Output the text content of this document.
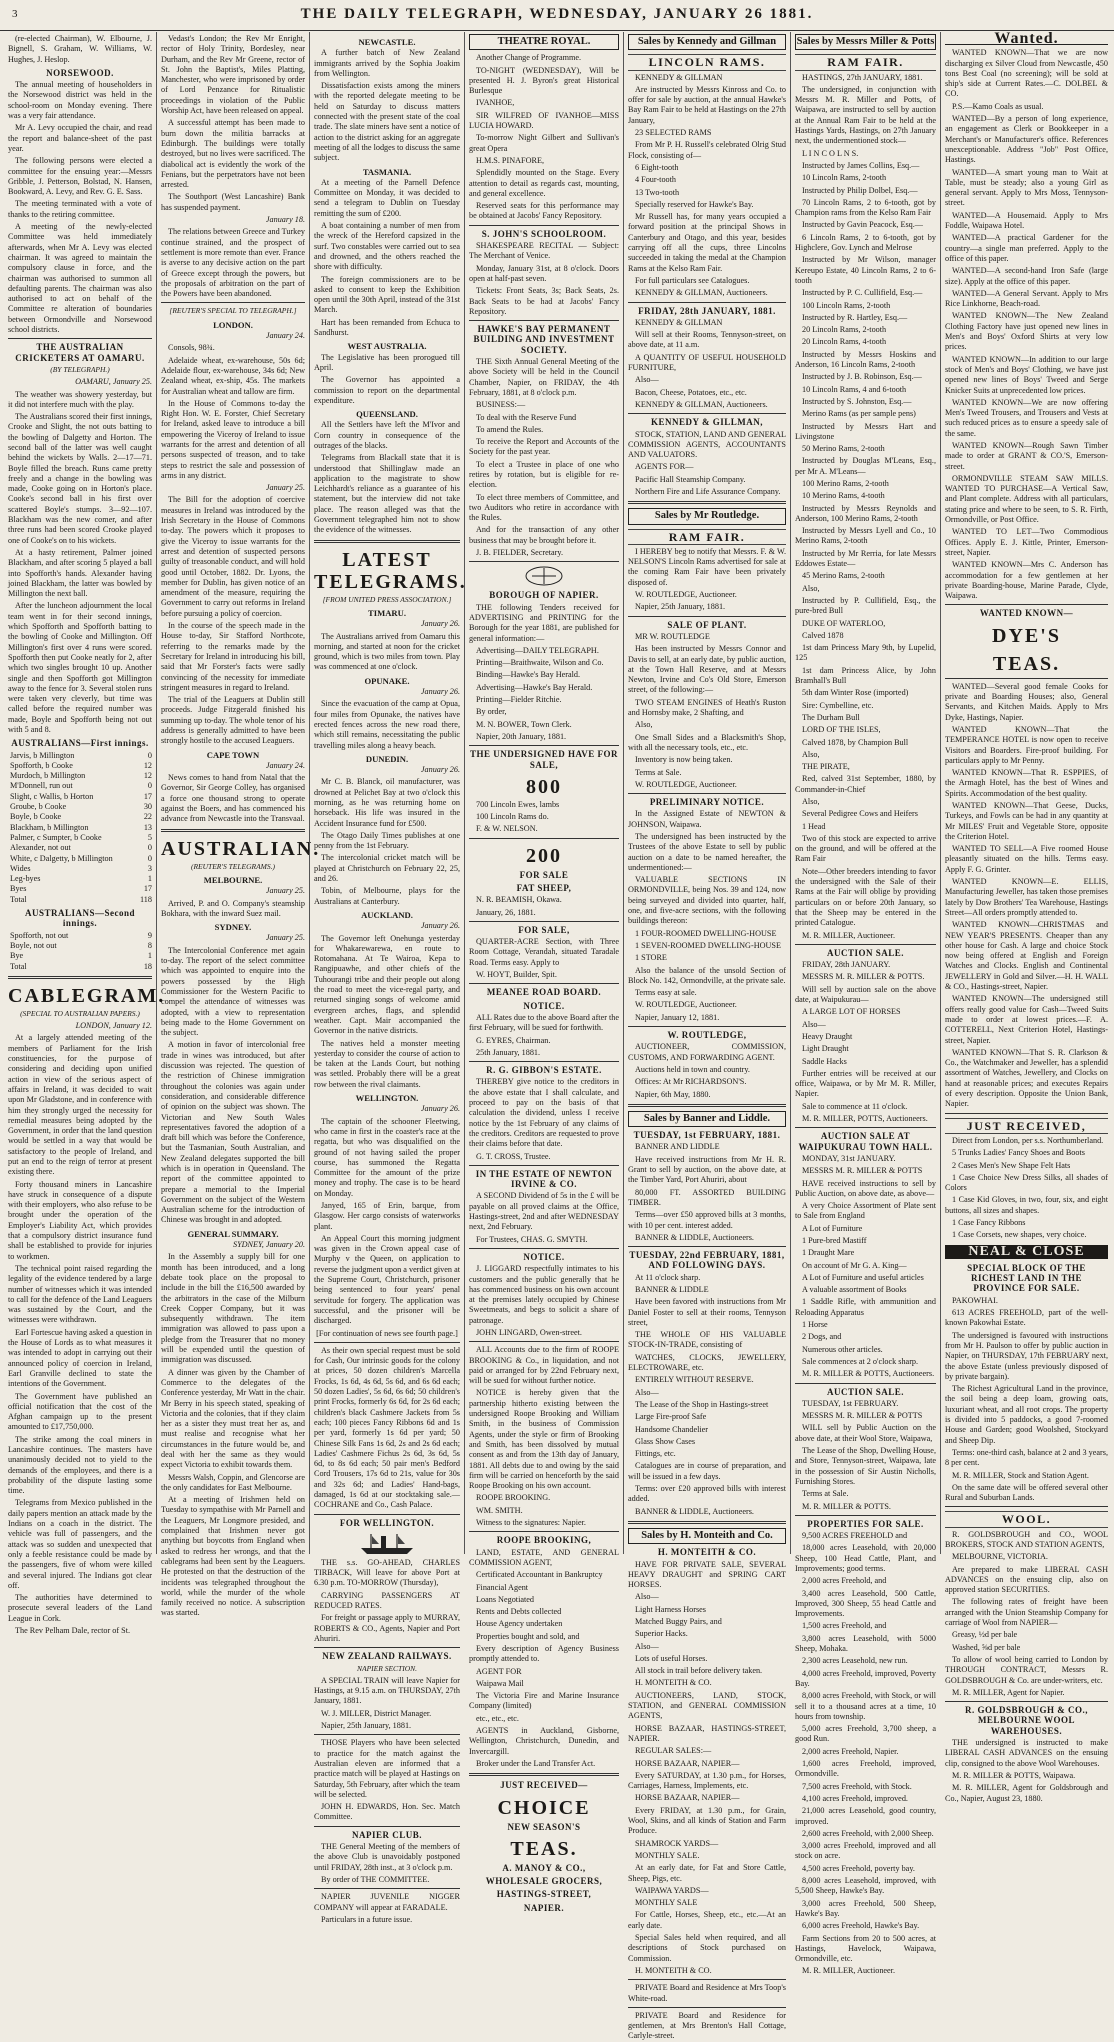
3	THE DAILY TELEGRAPH, WEDNESDAY, JANUARY 26 1881.

(re-elected Chairman), W. Elbourne, J. Bignell, S. Graham, W. Williams, W. Hughes, J. Heslop.

NORSEWOOD.

The annual meeting of householders in the Norsewood district was held in the school-room on Monday evening. There was a very fair attendance.

Mr A. Levy occupied the chair, and read the report and balance-sheet of the past year.

The following persons were elected a committee for the ensuing year:—Messrs Gribble, J. Petterson, Bolstad, N. Hansen, Bookward, A. Levy, and Rev. G. E. Sass.

The meeting terminated with a vote of thanks to the retiring committee.

A meeting of the newly-elected Committee was held immediately afterwards, when Mr A. Levy was elected chairman. It was agreed to maintain the compulsory clause in force, and the chairman was authorised to summon all defaulting parents. The chairman was also authorised to act on behalf of the Committee re alteration of boundaries between Ormondville and Norsewood school districts.

THE AUSTRALIAN CRICKETERS AT OAMARU.

(BY TELEGRAPH.)

OAMARU, January 25.

The weather was showery yesterday, but it did not interfere much with the play.

The Australians scored their first innings, Crooke and Slight, the not outs batting to the bowling of Dalgetty and Horton. The second ball of the latter was well caught behind the wickets by Walls. 2—17—71. Boyle filled the breach. Runs came pretty freely and a change in the bowling was made, Cooke going on in Horton's place. Cooke's second ball in his first over scattered Boyle's stumps. 3—92—107. Blackham was the new comer, and after three runs had been scored Crooke played one of Cooke's on to his wickets.

At a hasty retirement, Palmer joined Blackham, and after scoring 5 played a ball into Spofforth's hands. Alexander having joined Blackham, the latter was bowled by Millington the next ball.

After the luncheon adjournment the local team went in for their second innings, which Spofforth and Spofforth batting to the bowling of Cooke and Millington. Off Millington's first over 4 runs were scored. Spofforth then put Cooke neatly for 2, after which two singles brought 10 up. Another single and then Spofforth got Millington away to the fence for 3. Several stolen runs were taken very cleverly, but time was called before the required number was made, Boyle and Spofforth being not out with 5 and 8.

AUSTRALIANS—First innings.

Jarvis, b Millington	0
Spofforth, b Cooke	12
Murdoch, b Millington	12
M'Donnell, run out	0
Slight, c Wallis, b Horton	17
Groube, b Cooke	30
Boyle, b Cooke	22
Blackham, b Millington	13
Palmer, c Sumpter, b Cooke	5
Alexander, not out	0
White, c Dalgetty, b Millington	0
Wides	3
Leg-byes	1
Byes	17
Total	118

AUSTRALIANS—Second innings.

Spofforth, not out	9
Boyle, not out	8
Bye	1
Total	18

CABLEGRAM.

(SPECIAL TO AUSTRALIAN PAPERS.)

LONDON, January 12.

At a largely attended meeting of the members of Parliament for the Irish constituencies, for the purpose of considering and deciding upon unified action in view of the serious aspect of affairs in Ireland, it was decided to wait upon Mr Gladstone, and in conference with him they strongly urged the necessity for remedial measures being adopted by the Government, in order that the land question would be settled in a way that would be satisfactory to the people of Ireland, and put an end to the reign of terror at present existing there.

Forty thousand miners in Lancashire have struck in consequence of a dispute with their employers, who also refuse to be brought under the operation of the Employer's Liability Act, which provides that a compulsory district insurance fund shall be established to provide for injuries to workmen.

The technical point raised regarding the legality of the evidence tendered by a large number of witnesses which it was intended to call for the defence of the Land Leaguers was sustained by the Court, and the witnesses were withdrawn.

Earl Fortescue having asked a question in the House of Lords as to what measures it was intended to adopt in carrying out their announced policy of coercion in Ireland, Earl Granville declined to state the intentions of the Government.

The Government have published an official notification that the cost of the Afghan campaign up to the present amounted to £17,750,000.

The strike among the coal miners in Lancashire continues. The masters have unanimously decided not to yield to the demands of the employees, and there is a probability of the dispute lasting some time.

Telegrams from Mexico published in the daily papers mention an attack made by the Indians on a coach in the district. The vehicle was full of passengers, and the attack was so sudden and unexpected that only a feeble resistance could be made by the passengers, five of whom were killed and several injured. The Indians got clear off.

The authorities have determined to prosecute several leaders of the Land League in Cork.

The Rev Pelham Dale, rector of St.

Vedast's London; the Rev Mr Enright, rector of Holy Trinity, Bordesley, near Durham, and the Rev Mr Greene, rector of St. John the Baptist's, Miles Platting, Manchester, who were imprisoned by order of Lord Penzance for Ritualistic proceedings in violation of the Public Worship Act, have been released on appeal.

A successful attempt has been made to burn down the militia barracks at Edinburgh. The buildings were totally destroyed, but no lives were sacrificed. The diabolical act is evidently the work of the Fenians, but the perpetrators have not been arrested.

The Southport (West Lancashire) Bank has suspended payment.

January 18.

The relations between Greece and Turkey continue strained, and the prospect of settlement is more remote than ever. France is averse to any decisive action on the part of Greece except through the powers, but the proposals of arbitration on the part of the Powers have been abandoned.

[REUTER'S SPECIAL TO TELEGRAPH.]

LONDON.

January 24.

Consols, 98¾.

Adelaide wheat, ex-warehouse, 50s 6d; Adelaide flour, ex-warehouse, 34s 6d; New Zealand wheat, ex-ship, 45s. The markets for Australian wheat and tallow are firm.

In the House of Commons to-day the Right Hon. W. E. Forster, Chief Secretary for Ireland, asked leave to introduce a bill empowering the Viceroy of Ireland to issue warrants for the arrest and detention of all persons suspected of treason, and to take steps to restrict the sale and possession of arms in any district.

January 25.

The Bill for the adoption of coercive measures in Ireland was introduced by the Irish Secretary in the House of Commons to-day. The powers which it proposes to give the Viceroy to issue warrants for the arrest and detention of suspected persons guilty of treasonable conduct, and will hold good until October, 1882. Dr. Lyons, the member for Dublin, has given notice of an amendment of the measure, requiring the Government to carry out reforms in Ireland before pursuing a policy of coercion.

In the course of the speech made in the House to-day, Sir Stafford Northcote, referring to the remarks made by the Secretary for Ireland in introducing his bill, said that Mr Forster's facts were sadly convincing of the necessity for immediate stringent measures in regard to Ireland.

The trial of the Leaguers at Dublin still proceeds. Judge Fitzgerald finished his summing up to-day. The whole tenor of his address is generally admitted to have been strongly hostile to the accused Leaguers.

CAPE TOWN

January 24.

News comes to hand from Natal that the Governor, Sir George Colley, has organised a force one thousand strong to operate against the Boers, and has commenced his advance from Newcastle into the Transvaal.

AUSTRALIAN.

(REUTER'S TELEGRAMS.)

MELBOURNE.

January 25.

Arrived, P. and O. Company's steamship Bokhara, with the inward Suez mail.

SYDNEY.

January 25.

The Intercolonial Conference met again to-day. The report of the select committee which was appointed to enquire into the powers possessed by the High Commissioner for the Western Pacific to compel the attendance of witnesses was adopted, with a view to representation being made to the Home Government on the subject.

A motion in favor of intercolonial free trade in wines was introduced, but after discussion was rejected. The question of the restriction of Chinese immigration throughout the colonies was again under consideration, and considerable difference of opinion on the subject was shown. The Victorian and New South Wales representatives favored the adoption of a draft bill which was before the Conference, but the Tasmanian, South Australian, and New Zealand delegates supported the bill which is in operation in Queensland. The report of the committee appointed to prepare a memorial to the Imperial Government on the subject of the Western Australian scheme for the introduction of Chinese was brought in and adopted.

GENERAL SUMMARY.

SYDNEY, January 20.

In the Assembly a supply bill for one month has been introduced, and a long debate took place on the proposal to include in the bill the £16,500 awarded by the arbitrators in the case of the Milburn Creek Copper Company, but it was subsequently withdrawn. The item immigration was allowed to pass upon a pledge from the Treasurer that no money will be expended until the question of immigration was discussed.

A dinner was given by the Chamber of Commerce to the delegates of the Conference yesterday, Mr Watt in the chair. Mr Berry in his speech stated, speaking of Victoria and the colonies, that if they claim her as a sister they must treat her as, and must realise and recognise what her circumstances in the future would be, and deal with her the same as they would expect Victoria to exhibit towards them.

Messrs Walsh, Coppin, and Glencorse are the only candidates for East Melbourne.

At a meeting of Irishmen held on Tuesday to sympathise with Mr Parnell and the Leaguers, Mr Longmore presided, and complained that Irishmen never got anything but boycotts from England when asked to redress her wrongs, and that the cablegrams had been sent by the Leaguers. He protested on that the destruction of the incidents was telegraphed throughout the world, while the murder of the whole family received no notice. A subscription was started.

NEWCASTLE.

A further batch of New Zealand immigrants arrived by the Sophia Joakim from Wellington.

Dissatisfaction exists among the miners with the reported delegate meeting to be held on Saturday to discuss matters connected with the present state of the coal trade. The slate miners have sent a notice of action to the district asking for an aggregate meeting of all the lodges to discuss the same subject.

TASMANIA.

At a meeting of the Parnell Defence Committee on Monday, it was decided to send a telegram to Dublin on Tuesday remitting the sum of £200.

A boat containing a number of men from the wreck of the Hereford capsized in the surf. Two constables were carried out to sea and drowned, and the others reached the shore with difficulty.

The foreign commissioners are to be asked to consent to keep the Exhibition open until the 30th April, instead of the 31st March.

Hart has been remanded from Echuca to Sandhurst.

WEST AUSTRALIA.

The Legislative has been prorogued till April.

The Governor has appointed a commission to report on the departmental expenditure.

QUEENSLAND.

All the Settlers have left the M'Ivor and Corn country in consequence of the outrages of the blacks.

Telegrams from Blackall state that it is understood that Shillinglaw made an application to the magistrate to show Leichhardt's reliance as a guarantee of his statement, but the interview did not take place. The reason alleged was that the Government telegraphed him not to show the evidence of the witnesses.

LATEST TELEGRAMS.

[FROM UNITED PRESS ASSOCIATION.]

TIMARU.

January 26.

The Australians arrived from Oamaru this morning, and started at noon for the cricket ground, which is two miles from town. Play was commenced at one o'clock.

OPUNAKE.

January 26.

Since the evacuation of the camp at Opua, four miles from Opunake, the natives have erected fences across the new road there, which still remains, necessitating the public travelling miles along a heavy beach.

DUNEDIN.

January 26.

Mr C. B. Blanck, oil manufacturer, was drowned at Pelichet Bay at two o'clock this morning, as he was returning home on horseback. His life was insured in the Accident Insurance fund for £500.

The Otago Daily Times publishes at one penny from the 1st February.

The intercolonial cricket match will be played at Christchurch on February 22, 25, and 26.

Tobin, of Melbourne, plays for the Australians at Canterbury.

AUCKLAND.

January 26.

The Governor left Onehunga yesterday for Whakarewarewa, en route to Rotomahana. At Te Wairoa, Kepa to Rangipuawhe, and other chiefs of the Tuhourangi tribe and their people out along the road to meet the vice-regal party, and returned singing songs of welcome amid evergreen arches, flags, and splendid weather. Capt. Mair accompanied the Governor in the native districts.

The natives held a monster meeting yesterday to consider the course of action to be taken at the Lands Court, but nothing was settled. Probably there will be a great row between the rival claimants.

WELLINGTON.

January 26.

The captain of the schooner Fleetwing, who came in first in the coaster's race at the regatta, but who was disqualified on the ground of not having sailed the proper course, has summoned the Regatta Committee for the amount of the prize money and trophy. The case is to be heard on Monday.

Janyed, 165 of Erin, barque, from Glasgow. Her cargo consists of waterworks plant.

An Appeal Court this morning judgment was given in the Crown appeal case of Murphy v the Queen, on application to reverse the judgment upon a verdict given at the Supreme Court, Christchurch, prisoner being sentenced to four years' penal servitude for forgery. The application was successful, and the prisoner will be discharged.

[For continuation of news see fourth page.]

As their own special request must be sold for Cash, Our intrinsic goods for the colony at prices, 50 dozen children's Marcella Frocks, 1s 6d, 4s 6d, 5s 6d, and 6s 6d each; 50 dozen Ladies', 5s 6d, 6s 6d; 50 children's print Frocks, formerly 6s 6d, for 2s 6d each; children's black Cashmere Jackets from 5s each; 100 pieces Fancy Ribbons 6d and 1s per yard, formerly 1s 6d per yard; 50 Chinese Silk Fans 1s 6d, 2s and 2s 6d each; Ladies' Cashmere Fichus 2s 6d, 3s 6d, 5s 6d, to 8s 6d each; 50 pair men's Bedford Cord Trousers, 17s 6d to 21s, value for 30s and 32s 6d; and Ladies' Hand-bags, damaged, 1s 6d at our stocktaking sale.—COCHRANE and Co., Cash Palace.

FOR WELLINGTON.

THE s.s. GO-AHEAD, CHARLES TIRBACK, Will leave for above Port at 6.30 p.m. TO-MORROW (Thursday),

CARRYING PASSENGERS AT REDUCED RATES.

For freight or passage apply to MURRAY, ROBERTS & CO., Agents, Napier and Port Ahuriri.

NEW ZEALAND RAILWAYS.

NAPIER SECTION.

A SPECIAL TRAIN will leave Napier for Hastings, at 9.15 a.m. on THURSDAY, 27th January, 1881.

W. J. MILLER, District Manager.

Napier, 25th January, 1881.

THOSE Players who have been selected to practice for the match against the Australian eleven are informed that a practice match will be played at Hastings on Saturday, 5th February, after which the team will be selected.

JOHN H. EDWARDS, Hon. Sec. Match Committee.

NAPIER CLUB.

THE General Meeting of the members of the above Club is unavoidably postponed until FRIDAY, 28th inst., at 3 o'clock p.m.

By order of THE COMMITTEE.

NAPIER JUVENILE NIGGER COMPANY will appear at FARADALE.

Particulars in a future issue.

THEATRE ROYAL.

Another Change of Programme.

TO-NIGHT (WEDNESDAY), Will be presented H. J. Byron's great Historical Burlesque

IVANHOE,

SIR WILFRED OF IVANHOE—MISS LUCIA HOWARD.

To-morrow Night Gilbert and Sullivan's great Opera

H.M.S. PINAFORE,

Splendidly mounted on the Stage. Every attention to detail as regards cast, mounting, and general excellence.

Reserved seats for this performance may be obtained at Jacobs' Fancy Repository.

S. JOHN'S SCHOOLROOM.

SHAKESPEARE RECITAL — Subject: The Merchant of Venice.

Monday, January 31st, at 8 o'clock. Doors open at half-past seven.

Tickets: Front Seats, 3s; Back Seats, 2s. Back Seats to be had at Jacobs' Fancy Repository.

HAWKE'S BAY PERMANENT BUILDING AND INVESTMENT SOCIETY.

THE Sixth Annual General Meeting of the above Society will be held in the Council Chamber, Napier, on FRIDAY, the 4th February, 1881, at 8 o'clock p.m.

BUSINESS:—

To deal with the Reserve Fund

To amend the Rules.

To receive the Report and Accounts of the Society for the past year.

To elect a Trustee in place of one who retires by rotation, but is eligible for re-election.

To elect three members of Committee, and two Auditors who retire in accordance with the Rules.

And for the transaction of any other business that may be brought before it.

J. B. FIELDER, Secretary.

BOROUGH OF NAPIER.

THE following Tenders received for ADVERTISING and PRINTING for the Borough for the year 1881, are published for general information:—

Advertising—DAILY TELEGRAPH.

Printing—Braithwaite, Wilson and Co.

Binding—Hawke's Bay Herald.

Advertising—Hawke's Bay Herald.

Printing—Fielder Ritchie.

By order,

M. N. BOWER, Town Clerk.

Napier, 20th January, 1881.

THE UNDERSIGNED HAVE FOR SALE,

800

700 Lincoln Ewes, lambs

100 Lincoln Rams do.

F. & W. NELSON.

200

FOR SALE

FAT SHEEP,

N. R. BEAMISH, Okawa.

January, 26, 1881.

FOR SALE,

QUARTER-ACRE Section, with Three Room Cottage, Verandah, situated Taradale Road. Terms easy. Apply to

W. HOYT, Builder, Spit.

MEANEE ROAD BOARD.

NOTICE.

ALL Rates due to the above Board after the first February, will be sued for forthwith.

G. EYRES, Chairman.

25th January, 1881.

R. G. GIBBON'S ESTATE.

THEREBY give notice to the creditors in the above estate that I shall calculate, and proceed to pay on the basis of that calculation the dividend, unless I receive notice by the 1st February of any claims of the creditors. Creditors are requested to prove their claims before that date.

G. T. CROSS, Trustee.

IN THE ESTATE OF NEWTON IRVINE & CO.

A SECOND Dividend of 5s in the £ will be payable on all proved claims at the Office, Hastings-street, 2nd and after WEDNESDAY next, 2nd February.

For Trustees, CHAS. G. SMYTH.

NOTICE.

J. LIGGARD respectfully intimates to his customers and the public generally that he has commenced business on his own account at the premises lately occupied by Chinese Sweetmeats, and begs to solicit a share of patronage.

JOHN LINGARD, Owen-street.

ALL Accounts due to the firm of ROOPE BROOKING & Co., in liquidation, and not paid or arranged for by 22nd February next, will be sued for without further notice.

NOTICE is hereby given that the partnership hitherto existing between the undersigned Roope Brooking and William Smith, in the business of Commission Agents, under the style or firm of Brooking and Smith, has been dissolved by mutual consent as and from the 13th day of January, 1881. All debts due to and owing by the said firm will be carried on henceforth by the said Roope Brooking on his own account.

ROOPE BROOKING.

WM. SMITH.

Witness to the signatures: Napier.

ROOPE BROOKING,

LAND, ESTATE, AND GENERAL COMMISSION AGENT,

Certificated Accountant in Bankruptcy

Financial Agent

Loans Negotiated

Rents and Debts collected

House Agency undertaken

Properties bought and sold, and

Every description of Agency Business promptly attended to.

AGENT FOR

Waipawa Mail

The Victoria Fire and Marine Insurance Company (limited)

etc., etc., etc.

AGENTS in Auckland, Gisborne, Wellington, Christchurch, Dunedin, and Invercargill.

Broker under the Land Transfer Act.

JUST RECEIVED—

CHOICE

NEW SEASON'S

TEAS.

A. MANOY & CO.,

WHOLESALE GROCERS,

HASTINGS-STREET,

NAPIER.

Sales by Kennedy and Gillman

LINCOLN RAMS.

KENNEDY & GILLMAN

Are instructed by Messrs Kinross and Co. to offer for sale by auction, at the annual Hawke's Bay Ram Fair to be held at Hastings on the 27th January,

23 SELECTED RAMS

From Mr P. H. Russell's celebrated Olrig Stud Flock, consisting of—

6 Eight-tooth

4 Four-tooth

13 Two-tooth

Specially reserved for Hawke's Bay.

Mr Russell has, for many years occupied a forward position at the principal Shows in Canterbury and Otago, and this year, besides carrying off all the cups, three Lincolns succeeded in taking the medal at the Champion Rams at the Kelso Ram Fair.

For full particulars see Catalogues.

KENNEDY & GILLMAN, Auctioneers.

FRIDAY, 28th JANUARY, 1881.

KENNEDY & GILLMAN

Will sell at their Rooms, Tennyson-street, on above date, at 11 a.m.

A QUANTITY OF USEFUL HOUSEHOLD FURNITURE,

Also—

Bacon, Cheese, Potatoes, etc., etc.

KENNEDY & GILLMAN, Auctioneers.

KENNEDY & GILLMAN,

STOCK, STATION, LAND AND GENERAL COMMISSION AGENTS, ACCOUNTANTS AND VALUATORS.

AGENTS FOR—

Pacific Hall Steamship Company.

Northern Fire and Life Assurance Company.

Sales by Mr Routledge.

RAM FAIR.

I HEREBY beg to notify that Messrs. F. & W. NELSON'S Lincoln Rams advertised for sale at the coming Ram Fair have been privately disposed of.

W. ROUTLEDGE, Auctioneer.

Napier, 25th January, 1881.

SALE OF PLANT.

MR W. ROUTLEDGE

Has been instructed by Messrs Connor and Davis to sell, at an early date, by public auction, at the Town Hall Reserve, and at Messrs Newton, Irvine and Co's Old Store, Emerson street, of the following:—

TWO STEAM ENGINES of Heath's Ruston and Hornsby make, 2 Shafting, and

Also,

One Small Sides and a Blacksmith's Shop, with all the necessary tools, etc., etc.

Inventory is now being taken.

Terms at Sale.

W. ROUTLEDGE, Auctioneer.

PRELIMINARY NOTICE.

In the Assigned Estate of NEWTON & JOHNSON, Waipawa.

The undersigned has been instructed by the Trustees of the above Estate to sell by public auction on a date to be named hereafter, the undermentioned:—

VALUABLE SECTIONS IN ORMONDVILLE, being Nos. 39 and 124, now being surveyed and divided into quarter, half, one, and five-acre sections, with the following buildings thereon:

1 FOUR-ROOMED DWELLING-HOUSE

1 SEVEN-ROOMED DWELLING-HOUSE

1 STORE

Also the balance of the unsold Section of Block No. 142, Ormondville, at the private sale.

Terms easy at sale.

W. ROUTLEDGE, Auctioneer.

Napier, January 12, 1881.

W. ROUTLEDGE,

AUCTIONEER, COMMISSION, CUSTOMS, AND FORWARDING AGENT.

Auctions held in town and country.

Offices: At Mr RICHARDSON'S.

Napier, 6th May, 1880.

Sales by Banner and Liddle.

TUESDAY, 1st FEBRUARY, 1881.

BANNER AND LIDDLE

Have received instructions from Mr H. R. Grant to sell by auction, on the above date, at the Timber Yard, Port Ahuriri, about

80,000 FT. ASSORTED BUILDING TIMBER.

Terms—over £50 approved bills at 3 months, with 10 per cent. interest added.

BANNER & LIDDLE, Auctioneers.

TUESDAY, 22nd FEBRUARY, 1881, AND FOLLOWING DAYS.

At 11 o'clock sharp.

BANNER & LIDDLE

Have been favored with instructions from Mr Daniel Foster to sell at their rooms, Tennyson street,

THE WHOLE OF HIS VALUABLE STOCK-IN-TRADE, consisting of

WATCHES, CLOCKS, JEWELLERY, ELECTROWARE, etc.

ENTIRELY WITHOUT RESERVE.

Also—

The Lease of the Shop in Hastings-street

Large Fire-proof Safe

Handsome Chandelier

Glass Show Cases

Fittings, etc.

Catalogues are in course of preparation, and will be issued in a few days.

Terms: over £20 approved bills with interest added.

BANNER & LIDDLE, Auctioneers.

Sales by H. Monteith and Co.

H. MONTEITH & CO.

HAVE FOR PRIVATE SALE, SEVERAL HEAVY DRAUGHT and SPRING CART HORSES.

Also—

Light Harness Horses

Matched Buggy Pairs, and

Superior Hacks.

Also—

Lots of useful Horses.

All stock in trail before delivery taken.

H. MONTEITH & CO.

AUCTIONEERS, LAND, STOCK, STATION, and GENERAL COMMISSION AGENTS,

HORSE BAZAAR, HASTINGS-STREET, NAPIER.

REGULAR SALES:—

HORSE BAZAAR, NAPIER—

Every SATURDAY, at 1.30 p.m., for Horses, Carriages, Harness, Implements, etc.

HORSE BAZAAR, NAPIER—

Every FRIDAY, at 1.30 p.m., for Grain, Wool, Skins, and all kinds of Station and Farm Produce.

SHAMROCK YARDS—

MONTHLY SALE.

At an early date, for Fat and Store Cattle, Sheep, Pigs, etc.

WAIPAWA YARDS—

MONTHLY SALE

For Cattle, Horses, Sheep, etc., etc.—At an early date.

Special Sales held when required, and all descriptions of Stock purchased on Commission.

H. MONTEITH & CO.

PRIVATE Board and Residence at Mrs Toop's White-road.

PRIVATE Board and Residence for gentlemen, at Mrs Brenton's Hall Cottage, Carlyle-street.

Sales by Messrs Miller & Potts

RAM FAIR.

HASTINGS, 27th JANUARY, 1881.

The undersigned, in conjunction with Messrs M. R. Miller and Potts, of Waipawa, are instructed to sell by auction at the Annual Ram Fair to be held at the Hastings Yards, Hastings, on 27th January next, the undermentioned stock—

L I N C O L N S.

Instructed by James Collins, Esq.—

10 Lincoln Rams, 2-tooth

Instructed by Philip Dolbel, Esq.—

70 Lincoln Rams, 2 to 6-tooth, got by Champion rams from the Kelso Ram Fair

Instructed by Gavin Peacock, Esq.—

6 Lincoln Rams, 2 to 6-tooth, got by Highclere, Gov. Lynch and Melrose

Instructed by Mr Wilson, manager Kereupo Estate, 40 Lincoln Rams, 2 to 6-tooth

Instructed by P. C. Cullifield, Esq.—

100 Lincoln Rams, 2-tooth

Instructed by R. Hartley, Esq.—

20 Lincoln Rams, 2-tooth

20 Lincoln Rams, 4-tooth

Instructed by Messrs Hoskins and Anderson, 16 Lincoln Rams, 2-tooth

Instructed by J. B. Robinson, Esq.—

10 Lincoln Rams, 4 and 6-tooth

Instructed by S. Johnston, Esq.—

Merino Rams (as per sample pens)

Instructed by Messrs Hart and Livingstone

50 Merino Rams, 2-tooth

Instructed by Douglas M'Leans, Esq., per Mr A. M'Leans—

100 Merino Rams, 2-tooth

10 Merino Rams, 4-tooth

Instructed by Messrs Reynolds and Anderson, 100 Merino Rams, 2-tooth

Instructed by Messrs Lyell and Co., 10 Merino Rams, 2-tooth

Instructed by Mr Rerria, for late Messrs Eddowes Estate—

45 Merino Rams, 2-tooth

Also,

Instructed by P. Cullifield, Esq., the pure-bred Bull

DUKE OF WATERLOO,

Calved 1878

1st dam Princess Mary 9th, by Lupelid, 125

1st dam Princess Alice, by John Bramhall's Bull

5th dam Winter Rose (imported)

Sire: Cymbelline, etc.

The Durham Bull

LORD OF THE ISLES,

Calved 1878, by Champion Bull

Also,

THE PIRATE,

Red, calved 31st September, 1880, by Commander-in-Chief

Also,

Several Pedigree Cows and Heifers

1 Head

Two of this stock are expected to arrive on the ground, and will be offered at the Ram Fair

Note—Other breeders intending to favor the undersigned with the Sale of their Rams at the Fair will oblige by providing particulars on or before 20th January, so that the Sheep may be entered in the printed Catalogue.

M. R. MILLER, Auctioneer.

AUCTION SALE.

FRIDAY, 28th JANUARY.

MESSRS M. R. MILLER & POTTS.

Will sell by auction sale on the above date, at Waipukurau—

A LARGE LOT OF HORSES

Also—

Heavy Draught

Light Draught

Saddle Hacks

Further entries will be received at our office, Waipawa, or by Mr M. R. Miller, Napier.

Sale to commence at 11 o'clock.

M. R. MILLER, POTTS, Auctioneers.

AUCTION SALE AT WAIPUKURAU TOWN HALL.

MONDAY, 31st JANUARY.

MESSRS M. R. MILLER & POTTS

HAVE received instructions to sell by Public Auction, on above date, as above—

A very Choice Assortment of Plate sent to Sale from England

A Lot of Furniture

1 Pure-bred Mastiff

1 Draught Mare

On account of Mr G. A. King—

A Lot of Furniture and useful articles

A valuable assortment of Books

1 Saddle Rifle, with ammunition and Reloading Apparatus

1 Horse

2 Dogs, and

Numerous other articles.

Sale commences at 2 o'clock sharp.

M. R. MILLER & POTTS, Auctioneers.

AUCTION SALE.

TUESDAY, 1st FEBRUARY.

MESSRS M. R. MILLER & POTTS

WILL sell by Public Auction on the above date, at their Wool Store, Waipawa,

The Lease of the Shop, Dwelling House, and Store, Tennyson-street, Waipawa, late in the possession of Sir Austin Nicholls, Furnishing Stores.

Terms at Sale.

M. R. MILLER & POTTS.

PROPERTIES FOR SALE.

9,500 ACRES FREEHOLD and

18,000 acres Leasehold, with 20,000 Sheep, 100 Head Cattle, Plant, and Improvements; good terms.

2,000 acres Freehold, and

3,400 acres Leasehold, 500 Cattle, Improved, 300 Sheep, 55 head Cattle and Improvements.

1,500 acres Freehold, and

3,800 acres Leasehold, with 5000 Sheep, Mohaka.

2,300 acres Leasehold, new run.

4,000 acres Freehold, improved, Poverty Bay.

8,000 acres Freehold, with Stock, or will sell it to a thousand acres at a time, 10 hours from township.

5,000 acres Freehold, 3,700 sheep, a good Run.

2,000 acres Freehold, Napier.

1,600 acres Freehold, improved, Ormondville.

7,500 acres Freehold, with Stock.

4,100 acres Freehold, improved.

21,000 acres Leasehold, good country, improved.

2,600 acres Freehold, with 2,000 Sheep.

3,000 acres Freehold, improved and all stock on acre.

4,500 acres Freehold, poverty bay.

8,000 acres Leasehold, improved, with 5,500 Sheep, Hawke's Bay.

3,000 acres Freehold, 500 Sheep, Hawke's Bay.

6,000 acres Freehold, Hawke's Bay.

Farm Sections from 20 to 500 acres, at Hastings, Havelock, Waipawa, Ormondville, etc.

M. R. MILLER, Auctioneer.

Wanted.

WANTED KNOWN—That we are now discharging ex Silver Cloud from Newcastle, 450 tons Best Coal (no screening); will be sold at ship's side at Current Rates.—C. DOLBEL & CO.

P.S.—Kamo Coals as usual.

WANTED—By a person of long experience, an engagement as Clerk or Bookkeeper in a Merchant's or Manufacturer's office. References unexceptionable. Address "Job" Post Office, Hastings.

WANTED—A smart young man to Wait at Table, must be steady; also a young Girl as general servant. Apply to Mrs Moss, Tennyson-street.

WANTED—A Housemaid. Apply to Mrs Foddle, Waipawa Hotel.

WANTED—A practical Gardener for the country—a single man preferred. Apply to the office of this paper.

WANTED—A second-hand Iron Safe (large size). Apply at the office of this paper.

WANTED—A General Servant. Apply to Mrs Rice Linkhorne, Beach-road.

WANTED KNOWN—The New Zealand Clothing Factory have just opened new lines in Men's and Boys' Oxford Shirts at very low prices.

WANTED KNOWN—In addition to our large stock of Men's and Boys' Clothing, we have just opened new lines of Boys' Tweed and Serge Knicker Suits at unprecedented low prices.

WANTED KNOWN—We are now offering Men's Tweed Trousers, and Trousers and Vests at such reduced prices as to ensure a speedy sale of the same.

WANTED KNOWN—Rough Sawn Timber made to order at GRANT & CO.'S, Emerson-street.

ORMONDVILLE STEAM SAW MILLS. WANTED TO PURCHASE—A Vertical Saw, and Plant complete. Address with all particulars, stating price and where to be seen, to S. R. Firth, Ormondville, or Post Office.

WANTED TO LET—Two Commodious Offices. Apply E. J. Kittle, Printer, Emerson-street, Napier.

WANTED KNOWN—Mrs C. Anderson has accommodation for a few gentlemen at her private Boarding-house, Marine Parade, Clyde, Waipawa.

WANTED KNOWN—

DYE'S

TEAS.

WANTED—Several good female Cooks for private and Boarding Houses; also, General Servants, and Kitchen Maids. Apply to Mrs Dyke, Hastings, Napier.

WANTED KNOWN—That the TEMPERANCE HOTEL is now open to receive Visitors and Boarders. Fire-proof building. For particulars apply to Mr Penny.

WANTED KNOWN—That R. ESPPIES, of the Armagh Hotel, has the best of Wines and Spirits. Accommodation of the best quality.

WANTED KNOWN—That Geese, Ducks, Turkeys, and Fowls can be had in any quantity at Mr MILES' Fruit and Vegetable Store, opposite the Criterion Hotel.

WANTED TO SELL—A Five roomed House pleasantly situated on the hills. Terms easy. Apply F. G. Grinter.

WANTED KNOWN—E. ELLIS, Manufacturing Jeweller, has taken those premises lately by Dow Brothers' Tea Warehouse, Hastings Street—All orders promptly attended to.

WANTED KNOWN—CHRISTMAS and NEW YEAR'S PRESENTS. Cheaper than any other house for Cash. A large and choice Stock now being offered at English and Foreign Watches and Clocks. English and Continental JEWELLERY in Gold and Silver.—H. H. WALL & CO., Hastings-street, Napier.

WANTED KNOWN—The undersigned still offers really good value for Cash—Tweed Suits made to order at lowest prices.—F. A. COTTERELL, Next Criterion Hotel, Hastings-street, Napier.

WANTED KNOWN—That S. R. Clarkson & Co., the Watchmaker and Jeweller, has a splendid assortment of Watches, Jewellery, and Clocks on hand at reasonable prices; and executes Repairs of every description. Opposite the Union Bank, Napier.

JUST RECEIVED,

Direct from London, per s.s. Northumberland.

5 Trunks Ladies' Fancy Shoes and Boots

2 Cases Men's New Shape Felt Hats

1 Case Choice New Dress Silks, all shades of Colors

1 Case Kid Gloves, in two, four, six, and eight buttons, all sizes and shapes.

1 Case Fancy Ribbons

1 Case Corsets, new shapes, very choice.

NEAL & CLOSE

SPECIAL BLOCK OF THE RICHEST LAND IN THE PROVINCE FOR SALE.

PAKOWHAI.

613 ACRES FREEHOLD, part of the well-known Pakowhai Estate.

The undersigned is favoured with instructions from Mr H. Paulson to offer by public auction in Napier, on THURSDAY, 17th FEBRUARY next, the above Estate (unless previously disposed of by private bargain).

The Richest Agricultural Land in the province, the soil being a deep loam, growing oats, luxuriant wheat, and all root crops. The property is divided into 5 paddocks, a good 7-roomed House and Garden; good Woolshed, Stockyard and Sheep Dip.

Terms: one-third cash, balance at 2 and 3 years, 8 per cent.

M. R. MILLER, Stock and Station Agent.

On the same date will be offered several other Rural and Suburban Lands.

WOOL.

R. GOLDSBROUGH and CO., WOOL BROKERS, STOCK AND STATION AGENTS,

MELBOURNE, VICTORIA.

Are prepared to make LIBERAL CASH ADVANCES on the ensuing clip, also on approved station SECURITIES.

The following rates of freight have been arranged with the Union Steamship Company for carriage of Wool from NAPIER—

Greasy, ½d per bale

Washed, ⅝d per bale

To allow of wool being carried to London by THROUGH CONTRACT, Messrs R. GOLDSBROUGH & Co. are under-writers, etc.

M. R. MILLER, Agent for Napier.

R. GOLDSBROUGH & CO., MELBOURNE WOOL WAREHOUSES.

THE undersigned is instructed to make LIBERAL CASH ADVANCES on the ensuing clip, consigned to the above Wool Warehouses.

M. R. MILLER & POTTS, Waipawa.

M. R. MILLER, Agent for Goldsbrough and Co., Napier, August 23, 1880.
